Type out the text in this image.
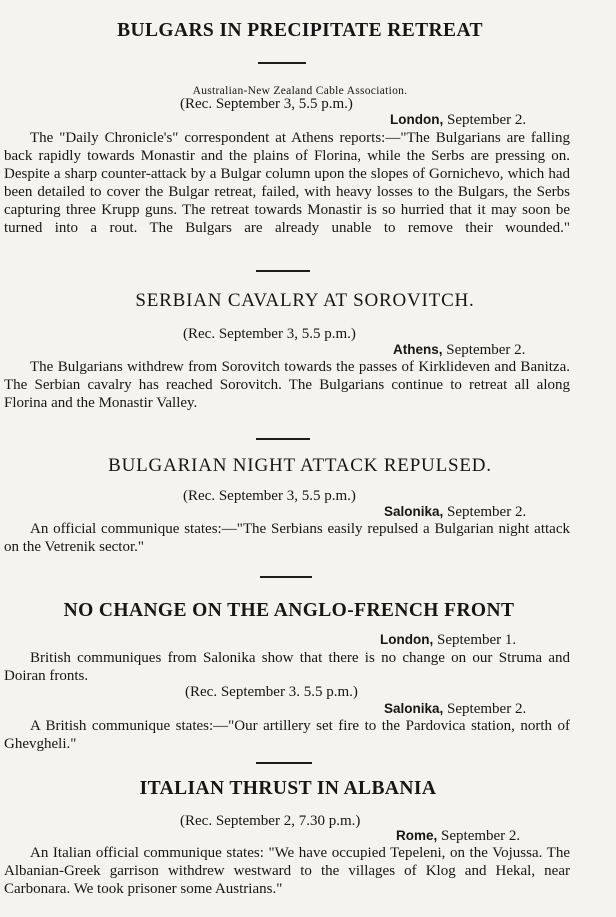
BULGARS IN PRECIPITATE RETREAT
Australian-New Zealand Cable Association.
(Rec. September 3, 5.5 p.m.)
London, September 2.
The "Daily Chronicle's" correspondent at Athens reports:—"The Bulgarians are falling back rapidly towards Monastir and the plains of Florina, while the Serbs are pressing on. Despite a sharp counter-attack by a Bulgar column upon the slopes of Gornichevo, which had been detailed to cover the Bulgar retreat, failed, with heavy losses to the Bulgars, the Serbs capturing three Krupp guns. The retreat towards Monastir is so hurried that it may soon be turned into a rout. The Bulgars are already unable to remove their wounded."
SERBIAN CAVALRY AT SOROVITCH.
(Rec. September 3, 5.5 p.m.)
Athens, September 2.
The Bulgarians withdrew from Sorovitch towards the passes of Kirklideven and Banitza. The Serbian cavalry has reached Sorovitch. The Bulgarians continue to retreat all along Florina and the Monastir Valley.
BULGARIAN NIGHT ATTACK REPULSED.
(Rec. September 3, 5.5 p.m.)
Salonika, September 2.
An official communique states:—"The Serbians easily repulsed a Bulgarian night attack on the Vetrenik sector."
NO CHANGE ON THE ANGLO-FRENCH FRONT
London, September 1.
British communiques from Salonika show that there is no change on our Struma and Doiran fronts.
(Rec. September 3. 5.5 p.m.)
Salonika, September 2.
A British communique states:—"Our artillery set fire to the Pardovica station, north of Ghevgheli."
ITALIAN THRUST IN ALBANIA
(Rec. September 2, 7.30 p.m.)
Rome, September 2.
An Italian official communique states: "We have occupied Tepeleni, on the Vojussa. The Albanian-Greek garrison withdrew westward to the villages of Klog and Hekal, near Carbonara. We took prisoner some Austrians."
